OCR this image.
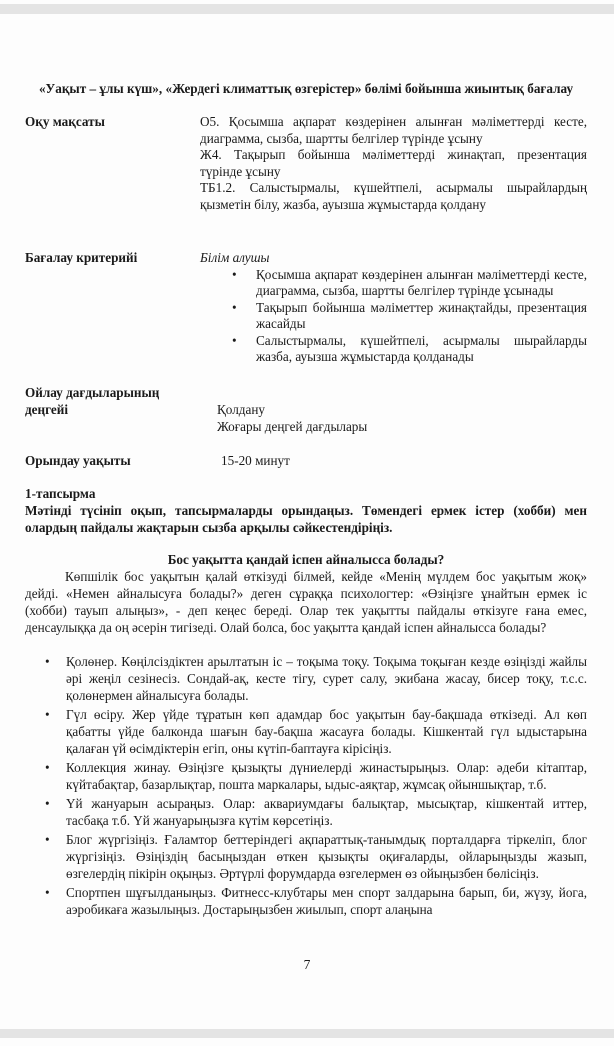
«Уақыт – ұлы күш», «Жердегі климаттық өзгерістер» бөлімі бойынша жиынтық бағалау
Оқу мақсаты	О5. Қосымша ақпарат көздерінен алынған мәліметтерді кесте, диаграмма, сызба, шартты белгілер түрінде ұсыну

Ж4. Тақырып бойынша мәліметтерді жинақтап, презентация түрінде ұсыну

ТБ1.2. Салыстырмалы, күшейтпелі, асырмалы шырайлардың қызметін білу, жазба, ауызша жұмыстарда қолдану

Бағалау критерийі	Білім алушы

• Қосымша ақпарат көздерінен алынған мәліметтерді кесте, диаграмма, сызба, шартты белгілер түрінде ұсынады
• Тақырып бойынша мәліметтер жинақтайды, презентация жасайды
• Салыстырмалы, күшейтпелі, асырмалы шырайларды жазба, ауызша жұмыстарда қолданады
Ойлау дағдыларының
деңгейі	Қолдану

Жоғары деңгей дағдылары

Орындау уақыты	15-20 минут
1-тапсырма
Мәтінді түсініп оқып, тапсырмаларды орындаңыз. Төмендегі ермек істер (хобби) мен олардың пайдалы жақтарын сызба арқылы сәйкестендіріңіз.
Бос уақытта қандай іспен айналысса болады?

Көпшілік бос уақытын қалай өткізуді білмей, кейде «Менің мүлдем бос уақытым жоқ» дейді. «Немен айналысуға болады?» деген сұраққа психологтер: «Өзіңізге ұнайтын ермек іс (хобби) тауып алыңыз», - деп кеңес береді. Олар тек уақытты пайдалы өткізуге ғана емес, денсаулыққа да оң әсерін тигізеді. Олай болса, бос уақытта қандай іспен айналысса болады?

• Қолөнер. Көңілсіздіктен арылтатын іс – тоқыма тоқу. Тоқыма тоқыған кезде өзіңізді жайлы әрі жеңіл сезінесіз. Сондай-ақ, кесте тігу, сурет салу, экибана жасау, бисер тоқу, т.с.с. қолөнермен айналысуға болады.
• Гүл өсіру. Жер үйде тұратын көп адамдар бос уақытын бау-бақшада өткізеді. Ал көп қабатты үйде балконда шағын бау-бақша жасауға болады. Кішкентай гүл ыдыстарына қалаған үй өсімдіктерін егіп, оны күтіп-баптауға кірісіңіз.
• Коллекция жинау. Өзіңізге қызықты дүниелерді жинастырыңыз. Олар: әдеби кітаптар, күйтабақтар, базарлықтар, пошта маркалары, ыдыс-аяқтар, жұмсақ ойыншықтар, т.б.
• Үй жануарын асыраңыз. Олар: аквариумдағы балықтар, мысықтар, кішкентай иттер, тасбақа т.б. Үй жануарыңызға күтім көрсетіңіз.
• Блог жүргізіңіз. Ғаламтор беттеріндегі ақпараттық-танымдық порталдарға тіркеліп, блог жүргізіңіз. Өзіңіздің басыңыздан өткен қызықты оқиғаларды, ойларыңызды жазып, өзгелердің пікірін оқыңыз. Әртүрлі форумдарда өзгелермен өз ойыңызбен бөлісіңіз.
• Спортпен шұғылданыңыз. Фитнесс-клубтары мен спорт залдарына барып, би, жүзу, йога, аэробикаға жазылыңыз. Достарыңызбен жиылып, спорт алаңына
7
